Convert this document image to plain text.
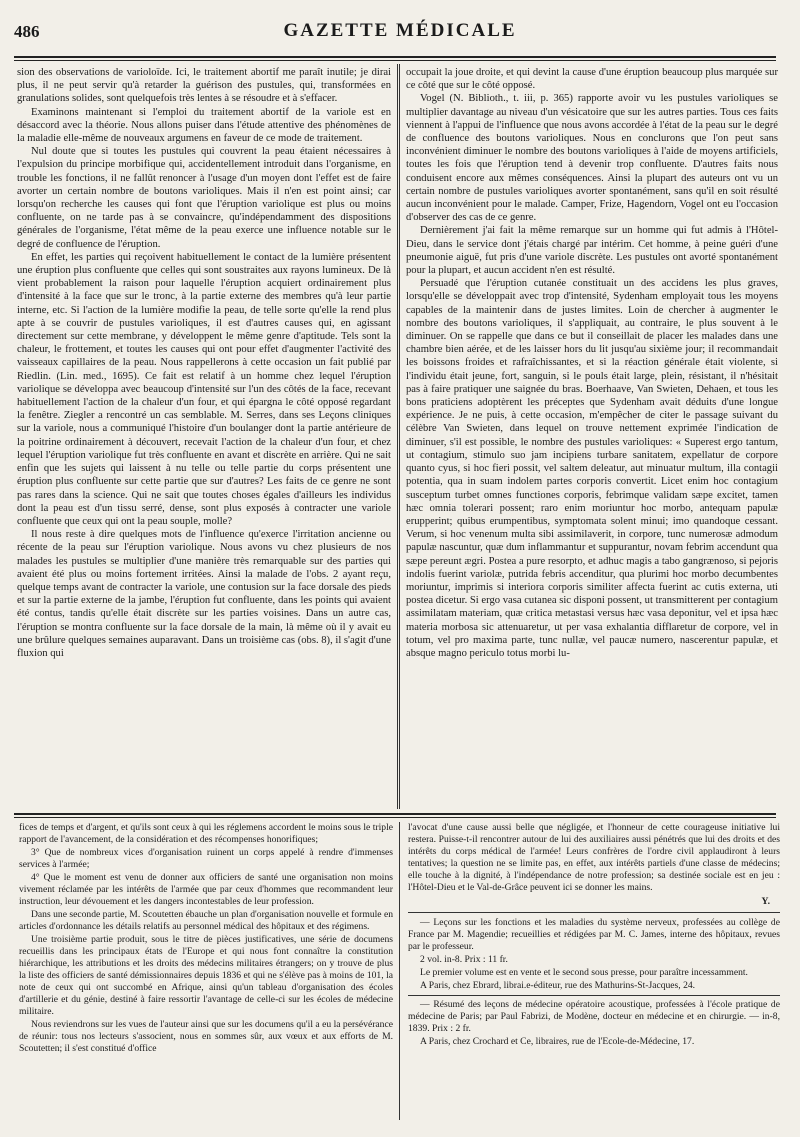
486	GAZETTE MÉDICALE

sion des observations de varioloïde. Ici, le traitement abortif me paraît inutile; je dirai plus, il ne peut servir qu'à retarder la guérison des pustules, qui, transformées en granulations solides, sont quelquefois très lentes à se résoudre et à s'effacer.

Examinons maintenant si l'emploi du traitement abortif de la variole est en désaccord avec la théorie. Nous allons puiser dans l'étude attentive des phénomènes de la maladie elle-même de nouveaux argumens en faveur de ce mode de traitement.

Nul doute que si toutes les pustules qui couvrent la peau étaient nécessaires à l'expulsion du principe morbifique qui, accidentellement introduit dans l'organisme, en trouble les fonctions, il ne fallût renoncer à l'usage d'un moyen dont l'effet est de faire avorter un certain nombre de boutons varioliques. Mais il n'en est point ainsi; car lorsqu'on recherche les causes qui font que l'éruption variolique est plus ou moins confluente, on ne tarde pas à se convaincre, qu'indépendamment des dispositions générales de l'organisme, l'état même de la peau exerce une influence notable sur le degré de confluence de l'éruption.

En effet, les parties qui reçoivent habituellement le contact de la lumière présentent une éruption plus confluente que celles qui sont soustraites aux rayons lumineux. De là vient probablement la raison pour laquelle l'éruption acquiert ordinairement plus d'intensité à la face que sur le tronc, à la partie externe des membres qu'à leur partie interne, etc. Si l'action de la lumière modifie la peau, de telle sorte qu'elle la rend plus apte à se couvrir de pustules varioliques, il est d'autres causes qui, en agissant directement sur cette membrane, y développent le même genre d'aptitude. Tels sont la chaleur, le frottement, et toutes les causes qui ont pour effet d'augmenter l'activité des vaisseaux capillaires de la peau. Nous rappellerons à cette occasion un fait publié par Riedlin. (Lin. med., 1695). Ce fait est relatif à un homme chez lequel l'éruption variolique se développa avec beaucoup d'intensité sur l'un des côtés de la face, recevant habituellement l'action de la chaleur d'un four, et qui épargna le côté opposé regardant la fenêtre. Ziegler a rencontré un cas semblable. M. Serres, dans ses Leçons cliniques sur la variole, nous a communiqué l'histoire d'un boulanger dont la partie antérieure de la poitrine ordinairement à découvert, recevait l'action de la chaleur d'un four, et chez lequel l'éruption variolique fut très confluente en avant et discrète en arrière. Qui ne sait enfin que les sujets qui laissent à nu telle ou telle partie du corps présentent une éruption plus confluente sur cette partie que sur d'autres? Les faits de ce genre ne sont pas rares dans la science. Qui ne sait que toutes choses égales d'ailleurs les individus dont la peau est d'un tissu serré, dense, sont plus exposés à contracter une variole confluente que ceux qui ont la peau souple, molle?

Il nous reste à dire quelques mots de l'influence qu'exerce l'irritation ancienne ou récente de la peau sur l'éruption variolique. Nous avons vu chez plusieurs de nos malades les pustules se multiplier d'une manière très remarquable sur des parties qui avaient été plus ou moins fortement irritées. Ainsi la malade de l'obs. 2 ayant reçu, quelque temps avant de contracter la variole, une contusion sur la face dorsale des pieds et sur la partie externe de la jambe, l'éruption fut confluente, dans les points qui avaient été contus, tandis qu'elle était discrète sur les parties voisines. Dans un autre cas, l'éruption se montra confluente sur la face dorsale de la main, là même où il y avait eu une brûlure quelques semaines auparavant. Dans un troisième cas (obs. 8), il s'agit d'une fluxion qui

occupait la joue droite, et qui devint la cause d'une éruption beaucoup plus marquée sur ce côté que sur le côté opposé.

Vogel (N. Biblioth., t. iii, p. 365) rapporte avoir vu les pustules varioliques se multiplier davantage au niveau d'un vésicatoire que sur les autres parties. Tous ces faits viennent à l'appui de l'influence que nous avons accordée à l'état de la peau sur le degré de confluence des boutons varioliques. Nous en conclurons que l'on peut sans inconvénient diminuer le nombre des boutons varioliques à l'aide de moyens artificiels, toutes les fois que l'éruption tend à devenir trop confluente. D'autres faits nous conduisent encore aux mêmes conséquences. Ainsi la plupart des auteurs ont vu un certain nombre de pustules varioliques avorter spontanément, sans qu'il en soit résulté aucun inconvénient pour le malade. Camper, Frize, Hagendorn, Vogel ont eu l'occasion d'observer des cas de ce genre.

Dernièrement j'ai fait la même remarque sur un homme qui fut admis à l'Hôtel-Dieu, dans le service dont j'étais chargé par intérim. Cet homme, à peine guéri d'une pneumonie aiguë, fut pris d'une variole discrète. Les pustules ont avorté spontanément pour la plupart, et aucun accident n'en est résulté.

Persuadé que l'éruption cutanée constituait un des accidens les plus graves, lorsqu'elle se développait avec trop d'intensité, Sydenham employait tous les moyens capables de la maintenir dans de justes limites. Loin de chercher à augmenter le nombre des boutons varioliques, il s'appliquait, au contraire, le plus souvent à le diminuer. On se rappelle que dans ce but il conseillait de placer les malades dans une chambre bien aérée, et de les laisser hors du lit jusqu'au sixième jour; il recommandait les boissons froides et rafraîchissantes, et si la réaction générale était violente, si l'individu était jeune, fort, sanguin, si le pouls était large, plein, résistant, il n'hésitait pas à faire pratiquer une saignée du bras. Boerhaave, Van Swieten, Dehaen, et tous les bons praticiens adoptèrent les préceptes que Sydenham avait déduits d'une longue expérience. Je ne puis, à cette occasion, m'empêcher de citer le passage suivant du célèbre Van Swieten, dans lequel on trouve nettement exprimée l'indication de diminuer, s'il est possible, le nombre des pustules varioliques: « Superest ergo tantum, ut contagium, stimulo suo jam incipiens turbare sanitatem, expellatur de corpore quanto cyus, si hoc fieri possit, vel saltem deleatur, aut minuatur multum, illa contagii potentia, qua in suam indolem partes corporis convertit. Licet enim hoc contagium susceptum turbet omnes functiones corporis, febrimque validam sæpe excitet, tamen hæc omnia tolerari possent; raro enim moriuntur hoc morbo, antequam papulæ erupperint; quibus erumpentibus, symptomata solent minui; imo quandoque cessant. Verum, si hoc venenum multa sibi assimilaverit, in corpore, tunc numerosæ admodum papulæ nascuntur, quæ dum inflammantur et suppurantur, novam febrim accendunt qua sæpe pereunt ægri. Postea a pure resorpto, et adhuc magis a tabo gangrænoso, si pejoris indolis fuerint variolæ, putrida febris accenditur, qua plurimi hoc morbo decumbentes moriuntur, imprimis si interiora corporis similiter affecta fuerint ac cutis externa, uti postea dicetur. Si ergo vasa cutanea sic disponi possent, ut transmitterent per contagium assimilatam materiam, quæ critica metastasi versus hæc vasa deponitur, vel et ipsa hæc materia morbosa sic attenuaretur, ut per vasa exhalantia difflaretur de corpore, vel in totum, vel pro maxima parte, tunc nullæ, vel paucæ numero, nascerentur papulæ, et absque magno periculo totus morbi lu-

fices de temps et d'argent, et qu'ils sont ceux à qui les réglemens accordent le moins sous le triple rapport de l'avancement, de la considération et des récompenses honorifiques;

3° Que de nombreux vices d'organisation ruinent un corps appelé à rendre d'immenses services à l'armée;

4° Que le moment est venu de donner aux officiers de santé une organisation non moins vivement réclamée par les intérêts de l'armée que par ceux d'hommes que recommandent leur instruction, leur dévouement et les dangers incontestables de leur profession.

Dans une seconde partie, M. Scoutetten ébauche un plan d'organisation nouvelle et formule en articles d'ordonnance les détails relatifs au personnel médical des hôpitaux et des régimens.

Une troisième partie produit, sous le titre de pièces justificatives, une série de documens recueillis dans les principaux états de l'Europe et qui nous font connaître la constitution hiérarchique, les attributions et les droits des médecins militaires étrangers; on y trouve de plus la liste des officiers de santé démissionnaires depuis 1836 et qui ne s'élève pas à moins de 101, la note de ceux qui ont succombé en Afrique, ainsi qu'un tableau d'organisation des écoles d'artillerie et du génie, destiné à faire ressortir l'avantage de celle-ci sur les écoles de médecine militaire.

Nous reviendrons sur les vues de l'auteur ainsi que sur les documens qu'il a eu la persévérance de réunir: tous nos lecteurs s'associent, nous en sommes sûr, aux vœux et aux efforts de M. Scoutetten; il s'est constitué d'office

l'avocat d'une cause aussi belle que négligée, et l'honneur de cette courageuse initiative lui restera. Puisse-t-il rencontrer autour de lui des auxiliaires aussi pénétrés que lui des droits et des intérêts du corps médical de l'armée! Leurs confrères de l'ordre civil applaudiront à leurs tentatives; la question ne se limite pas, en effet, aux intérêts partiels d'une classe de médecins; elle touche à la dignité, à l'indépendance de notre profession; sa destinée sociale est en jeu : l'Hôtel-Dieu et le Val-de-Grâce peuvent ici se donner les mains.

Y.

— Leçons sur les fonctions et les maladies du système nerveux, professées au collège de France par M. Magendie; recueillies et rédigées par M. C. James, interne des hôpitaux, revues par le professeur.

2 vol. in-8. Prix : 11 fr.

Le premier volume est en vente et le second sous presse, pour paraître incessamment.

A Paris, chez Ebrard, librai.e-éditeur, rue des Mathurins-St-Jacques, 24.

— Résumé des leçons de médecine opératoire acoustique, professées à l'école pratique de médecine de Paris; par Paul Fabrizi, de Modène, docteur en médecine et en chirurgie. — in-8, 1839. Prix : 2 fr.

A Paris, chez Crochard et Ce, libraires, rue de l'Ecole-de-Médecine, 17.
